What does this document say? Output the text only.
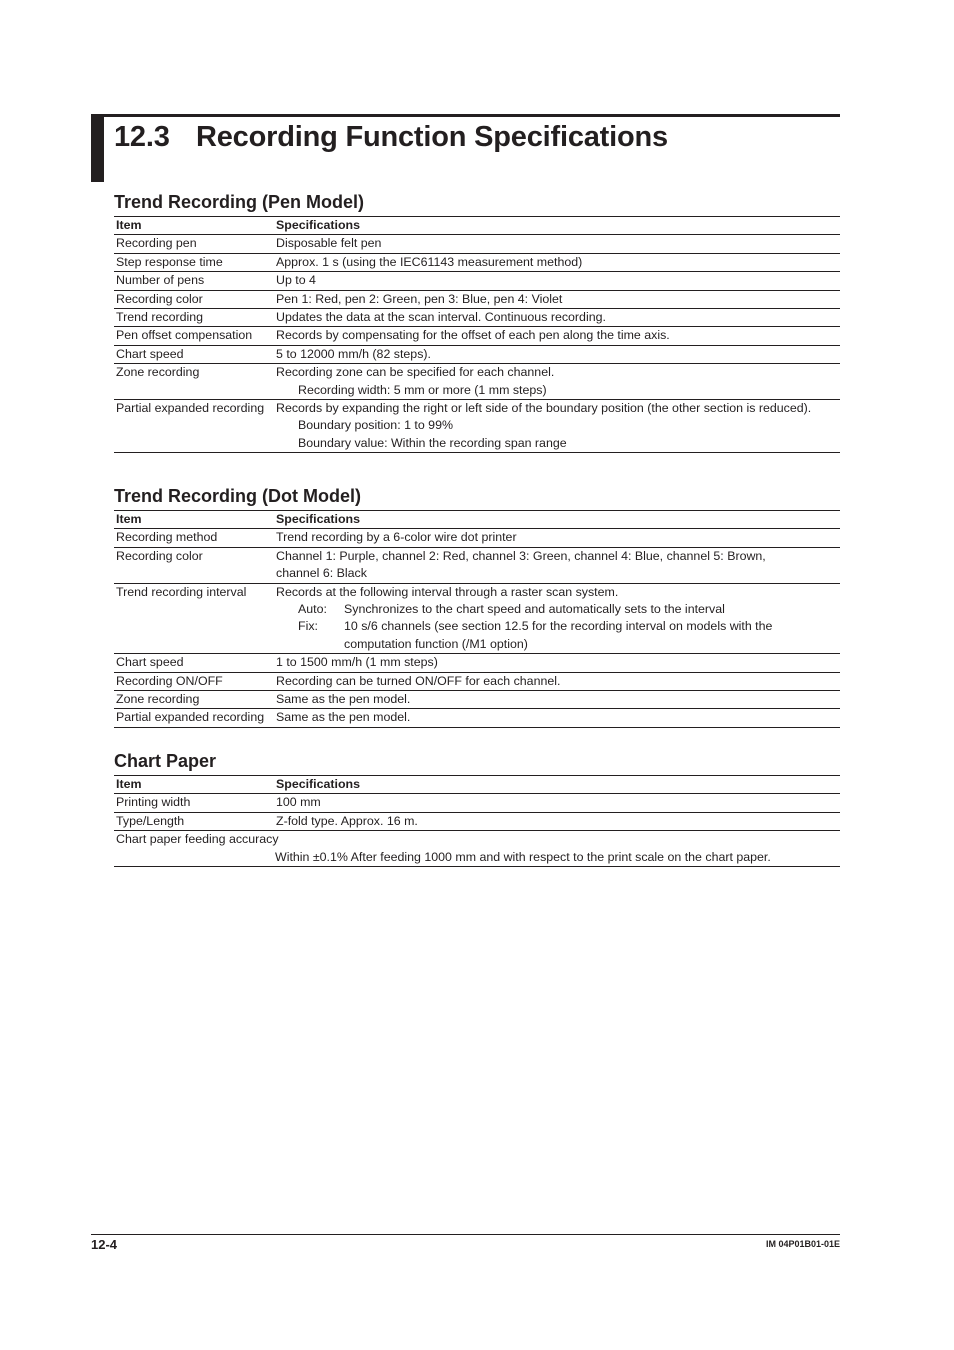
12.3 Recording Function Specifications
Trend Recording (Pen Model)
Item	Specifications
Recording pen	Disposable felt pen
Step response time	Approx. 1 s (using the IEC61143 measurement method)
Number of pens	Up to 4
Recording color	Pen 1: Red, pen 2: Green, pen 3: Blue, pen 4: Violet
Trend recording	Updates the data at the scan interval. Continuous recording.
Pen offset compensation	Records by compensating for the offset of each pen along the time axis.
Chart speed	5 to 12000 mm/h (82 steps).
Zone recording	Recording zone can be specified for each channel.
Recording width: 5 mm or more (1 mm steps)

Partial expanded recording	Records by expanding the right or left side of the boundary position (the other section is reduced).
Boundary position: 1 to 99%
Boundary value: Within the recording span range
Trend Recording (Dot Model)
Item	Specifications
Recording method	Trend recording by a 6-color wire dot printer
Recording color	Channel 1: Purple, channel 2: Red, channel 3: Green, channel 4: Blue, channel 5: Brown, channel 6: Black
Trend recording interval	Records at the following interval through a raster scan system.
Auto: Synchronizes to the chart speed and automatically sets to the interval
Fix: 10 s/6 channels (see section 12.5 for the recording interval on models with the computation function (/M1 option)

Chart speed	1 to 1500 mm/h (1 mm steps)
Recording ON/OFF	Recording can be turned ON/OFF for each channel.
Zone recording	Same as the pen model.
Partial expanded recording	Same as the pen model.
Chart Paper
Item	Specifications
Printing width	100 mm
Type/Length	Z-fold type. Approx. 16 m.

Chart paper feeding accuracy
Within ±0.1% After feeding 1000 mm and with respect to the print scale on the chart paper.	
12-4	IM 04P01B01-01E
